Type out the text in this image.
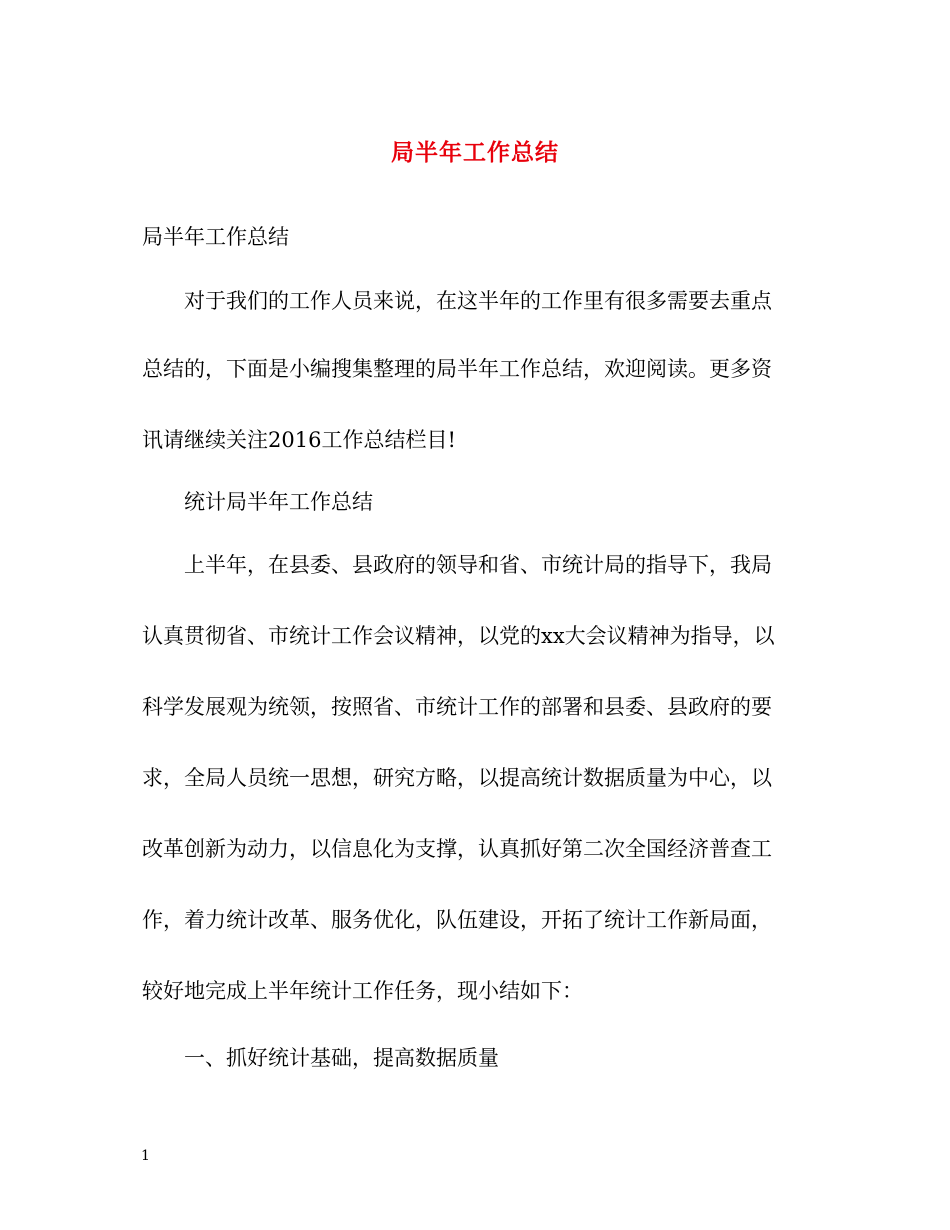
局半年工作总结
局半年工作总结
对于我们的工作人员来说，在这半年的工作里有很多需要去重点
总结的，下面是小编搜集整理的局半年工作总结，欢迎阅读。更多资
讯请继续关注2016工作总结栏目!
统计局半年工作总结
上半年，在县委、县政府的领导和省、市统计局的指导下，我局
认真贯彻省、市统计工作会议精神，以党的xx大会议精神为指导，以
科学发展观为统领，按照省、市统计工作的部署和县委、县政府的要
求，全局人员统一思想，研究方略，以提高统计数据质量为中心，以
改革创新为动力，以信息化为支撑，认真抓好第二次全国经济普查工
作，着力统计改革、服务优化，队伍建设，开拓了统计工作新局面，
较好地完成上半年统计工作任务，现小结如下：
一、抓好统计基础，提高数据质量
1
